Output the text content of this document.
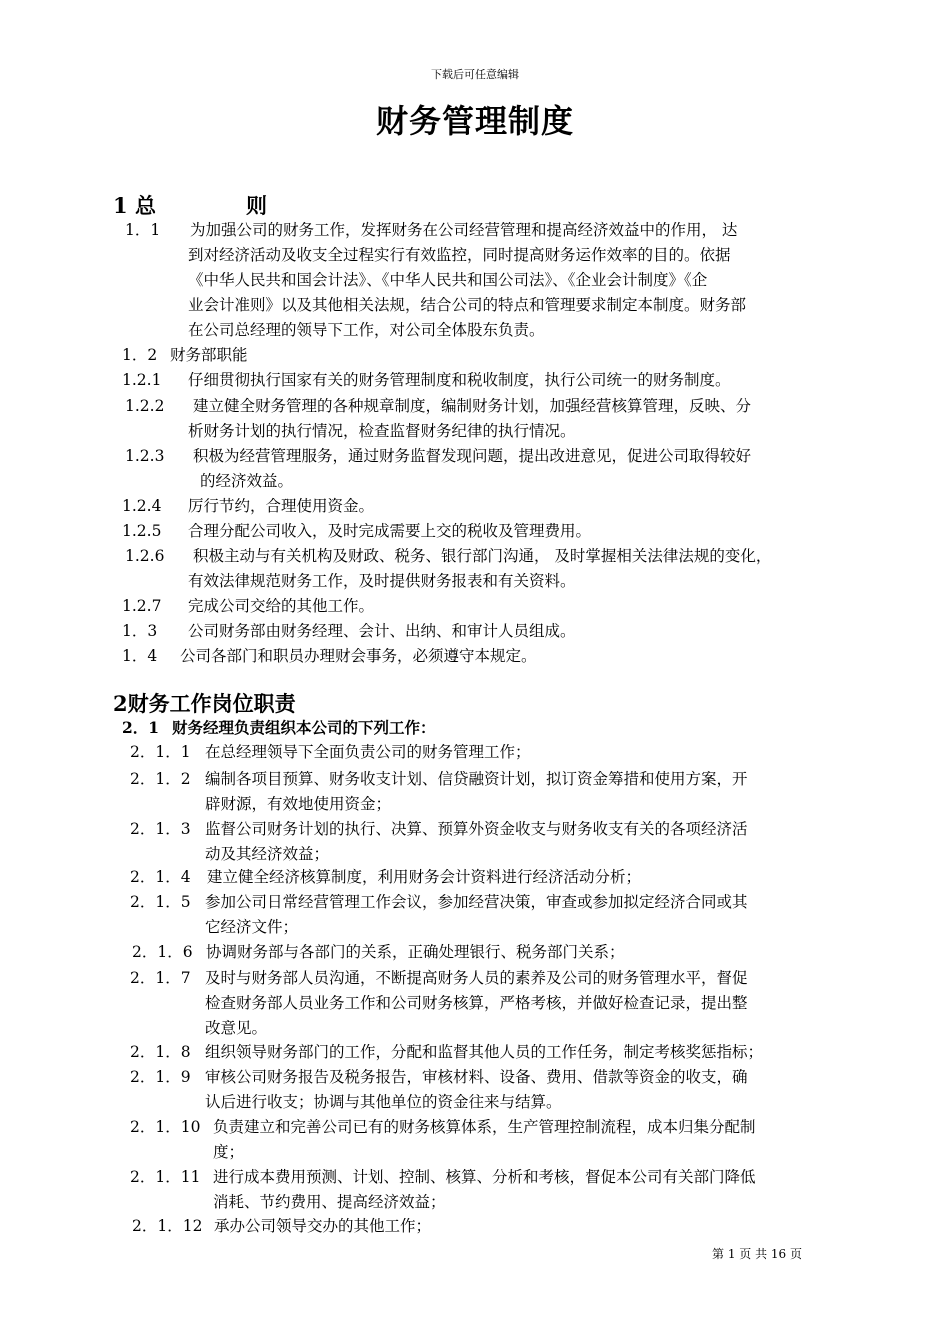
下载后可任意编辑
财务管理制度
1 总	则
1．1 为加强公司的财务工作，发挥财务在公司经营管理和提高经济效益中的作用， 达
到对经济活动及收支全过程实行有效监控，同时提高财务运作效率的目的。依据
《中华人民共和国会计法》、《中华人民共和国公司法》、《企业会计制度》《企
业会计准则》以及其他相关法规，结合公司的特点和管理要求制定本制度。财务部
在公司总经理的领导下工作，对公司全体股东负责。
1．2 财务部职能
1.2.1 仔细贯彻执行国家有关的财务管理制度和税收制度，执行公司统一的财务制度。
1.2.2 建立健全财务管理的各种规章制度，编制财务计划，加强经营核算管理，反映、分
析财务计划的执行情况，检查监督财务纪律的执行情况。
1.2.3 积极为经营管理服务，通过财务监督发现问题，提出改进意见，促进公司取得较好
的经济效益。
1.2.4 厉行节约，合理使用资金。
1.2.5 合理分配公司收入，及时完成需要上交的税收及管理费用。
1.2.6 积极主动与有关机构及财政、税务、银行部门沟通， 及时掌握相关法律法规的变化，
有效法律规范财务工作，及时提供财务报表和有关资料。
1.2.7 完成公司交给的其他工作。
1．3 公司财务部由财务经理、会计、出纳、和审计人员组成。
1．4 公司各部门和职员办理财会事务，必须遵守本规定。
2财务工作岗位职责
2．1 财务经理负责组织本公司的下列工作：
2．1．1 在总经理领导下全面负责公司的财务管理工作；
2．1．2 编制各项目预算、财务收支计划、信贷融资计划，拟订资金筹措和使用方案，开
辟财源，有效地使用资金；
2．1．3 监督公司财务计划的执行、决算、预算外资金收支与财务收支有关的各项经济活
动及其经济效益；
2．1．4 建立健全经济核算制度，利用财务会计资料进行经济活动分析；
2．1．5 参加公司日常经营管理工作会议，参加经营决策，审查或参加拟定经济合同或其
它经济文件；
2．1．6 协调财务部与各部门的关系，正确处理银行、税务部门关系；
2．1．7 及时与财务部人员沟通，不断提高财务人员的素养及公司的财务管理水平，督促
检查财务部人员业务工作和公司财务核算，严格考核，并做好检查记录，提出整
改意见。
2．1．8 组织领导财务部门的工作，分配和监督其他人员的工作任务，制定考核奖惩指标；
2．1．9 审核公司财务报告及税务报告，审核材料、设备、费用、借款等资金的收支，确
认后进行收支；协调与其他单位的资金往来与结算。
2．1．10 负责建立和完善公司已有的财务核算体系，生产管理控制流程，成本归集分配制
度；
2．1．11 进行成本费用预测、计划、控制、核算、分析和考核，督促本公司有关部门降低
消耗、节约费用、提高经济效益；
2．1．12 承办公司领导交办的其他工作；
第 1 页 共 16 页
